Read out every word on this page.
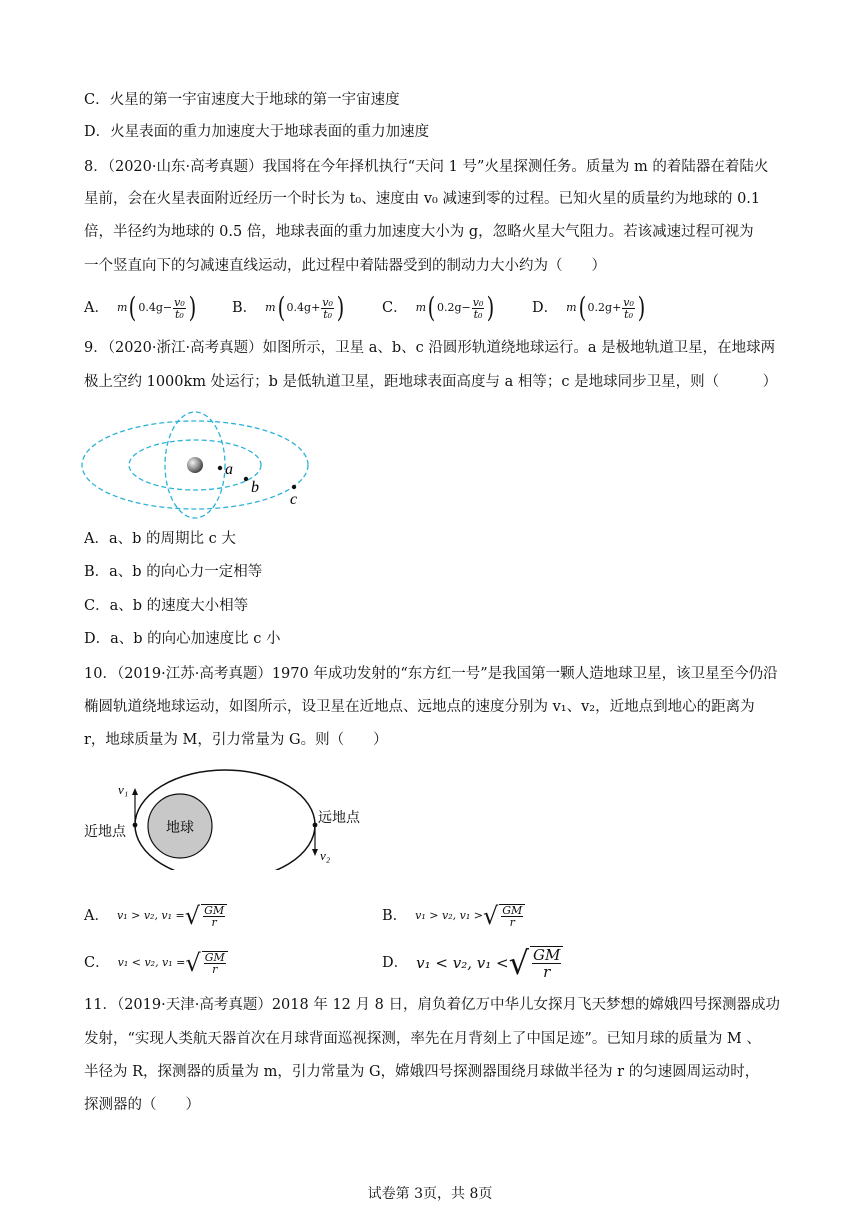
C．火星的第一宇宙速度大于地球的第一宇宙速度
D．火星表面的重力加速度大于地球表面的重力加速度
8．（2020·山东·高考真题）我国将在今年择机执行“天问 1 号”火星探测任务。质量为 m 的着陆器在着陆火
星前，会在火星表面附近经历一个时长为 t₀、速度由 v₀ 减速到零的过程。已知火星的质量约为地球的 0.1
倍，半径约为地球的 0.5 倍，地球表面的重力加速度大小为 g，忽略火星大气阻力。若该减速过程可视为
一个竖直向下的匀减速直线运动，此过程中着陆器受到的制动力大小约为（　　）
A． m ( $0.4g - \frac{\text{v₀}}{\text{t₀}}$ ) B． m ( $0.4g + \frac{\text{v₀}}{\text{t₀}}$ )	C． m ( $0.2g - \frac{\text{v₀}}{\text{t₀}}$ )	D． m ( $0.2g + \frac{\text{v₀}}{\text{t₀}}$ )
9．（2020·浙江·高考真题）如图所示，卫星 a、b、c 沿圆形轨道绕地球运行。a 是极地轨道卫星，在地球两
极上空约 1000km 处运行；b 是低轨道卫星，距地球表面高度与 a 相等；c 是地球同步卫星，则（　　　）
a
b
c
A．a、b 的周期比 c 大
B．a、b 的向心力一定相等
C．a、b 的速度大小相等
D．a、b 的向心加速度比 c 小
10．（2019·江苏·高考真题）1970 年成功发射的“东方红一号”是我国第一颗人造地球卫星，该卫星至今仍沿
椭圆轨道绕地球运动，如图所示，设卫星在近地点、远地点的速度分别为 v₁、v₂，近地点到地心的距离为
r，地球质量为 M，引力常量为 G。则（　　）
地球
v₁
v₂
近地点
远地点
A． v₁ > v₂, v₁ = √ $\frac{GM}{r}$	B． v₁ > v₂, v₁ > √ $\frac{GM}{r}$
C． v₁ < v₂, v₁ = √ $\frac{GM}{r}$	D． v₁ < v₂, v₁ < √ $\frac{GM}{r}$
11．（2019·天津·高考真题）2018 年 12 月 8 日，肩负着亿万中华儿女探月飞天梦想的嫦娥四号探测器成功
发射，“实现人类航天器首次在月球背面巡视探测，率先在月背刻上了中国足迹”。已知月球的质量为 M 、
半径为 R，探测器的质量为 m，引力常量为 G，嫦娥四号探测器围绕月球做半径为 r 的匀速圆周运动时，
探测器的（　　）
试卷第 3页，共 8页
